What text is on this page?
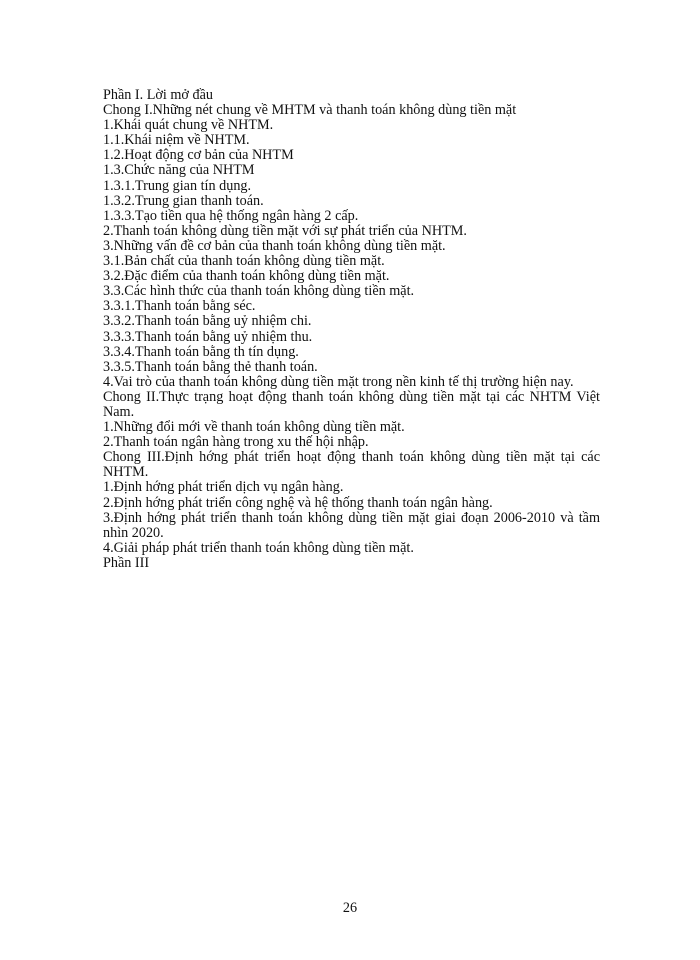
Phần I. Lời mở đầu
Chong I.Những nét chung về MHTM và thanh toán không dùng tiền mặt
1.Khái quát chung về NHTM.
1.1.Khái niệm về NHTM.
1.2.Hoạt động cơ bản của NHTM
1.3.Chức năng của NHTM
1.3.1.Trung gian tín dụng.
1.3.2.Trung gian thanh toán.
1.3.3.Tạo tiền qua hệ thống ngân hàng 2 cấp.
2.Thanh toán không dùng tiền mặt với sự phát triển của NHTM.
3.Những vấn đề cơ bản của thanh toán không dùng tiền mặt.
3.1.Bản chất của thanh toán không dùng tiền mặt.
3.2.Đặc điểm của thanh toán không dùng tiền mặt.
3.3.Các hình thức của thanh toán không dùng tiền mặt.
3.3.1.Thanh toán bằng séc.
3.3.2.Thanh toán bằng uỷ nhiệm chi.
3.3.3.Thanh toán bằng uỷ nhiệm thu.
3.3.4.Thanh toán bằng th tín dụng.
3.3.5.Thanh toán bằng thẻ thanh toán.
4.Vai trò của thanh toán không dùng tiền mặt trong nền kinh tế thị trường hiện nay.
Chong II.Thực trạng hoạt động thanh toán không dùng tiền mặt tại các NHTM Việt Nam.
1.Những đổi mới về thanh toán không dùng tiền mặt.
2.Thanh toán ngân hàng trong xu thế hội nhập.
Chong III.Định hớng phát triển hoạt động thanh toán không dùng tiền mặt tại các NHTM.
1.Định hớng phát triển dịch vụ ngân hàng.
2.Định hớng phát triển công nghệ và hệ thống thanh toán ngân hàng.
3.Định hớng phát triển thanh toán không dùng tiền mặt giai đoạn 2006-2010 và tầm nhìn 2020.
4.Giải pháp phát triển thanh toán không dùng tiền mặt.
Phần III
26
